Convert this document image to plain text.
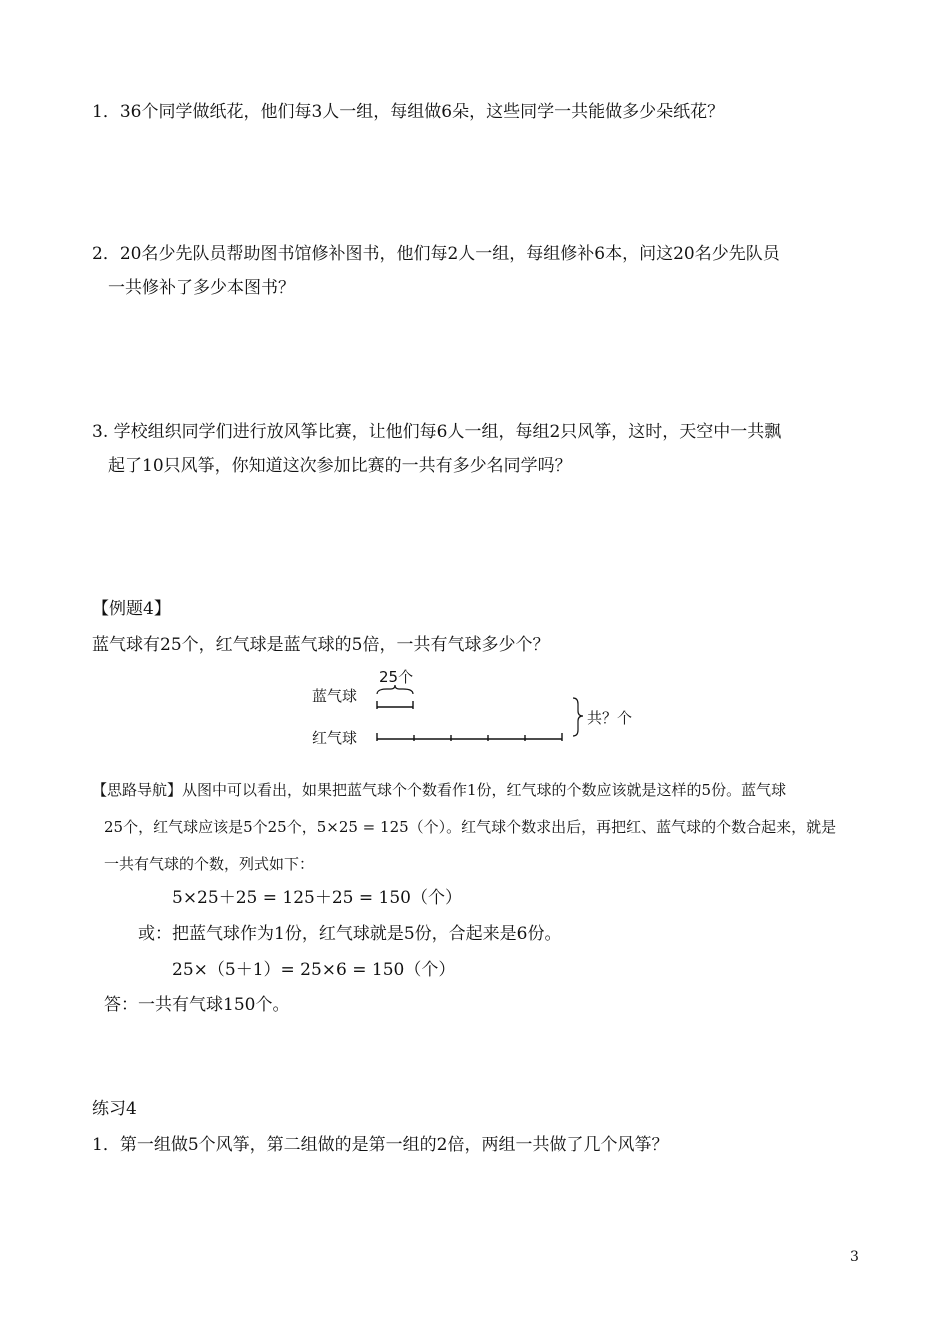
1．36个同学做纸花，他们每3人一组，每组做6朵，这些同学一共能做多少朵纸花？
2．20名少先队员帮助图书馆修补图书，他们每2人一组，每组修补6本，问这20名少先队员
一共修补了多少本图书？
3. 学校组织同学们进行放风筝比赛，让他们每6人一组，每组2只风筝，这时，天空中一共飘
起了10只风筝，你知道这次参加比赛的一共有多少名同学吗？
【例题4】
蓝气球有25个，红气球是蓝气球的5倍，一共有气球多少个？
25个
蓝气球
红气球
共？个
【思路导航】从图中可以看出，如果把蓝气球个个数看作1份，红气球的个数应该就是这样的5份。蓝气球
25个，红气球应该是5个25个，5×25 = 125（个）。红气球个数求出后，再把红、蓝气球的个数合起来，就是
一共有气球的个数，列式如下：
5×25＋25 = 125＋25 = 150（个）
或：把蓝气球作为1份，红气球就是5份，合起来是6份。
25×（5＋1）= 25×6 = 150（个）
答：一共有气球150个。
练习4
1．第一组做5个风筝，第二组做的是第一组的2倍，两组一共做了几个风筝？
3
